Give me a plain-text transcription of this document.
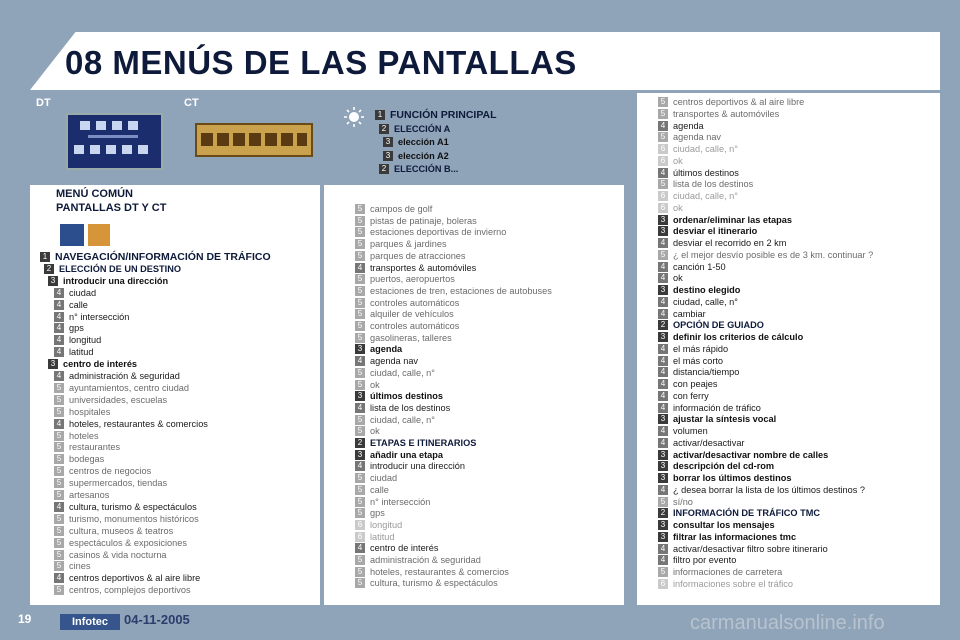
08 MENÚS DE LAS PANTALLAS
DT	CT
1 FUNCIÓN PRINCIPAL
2 ELECCIÓN A
3 elección A1
3 elección A2
2 ELECCIÓN B...
MENÚ COMÚN
PANTALLAS DT Y CT
1 NAVEGACIÓN/INFORMACIÓN DE TRÁFICO
2 ELECCIÓN DE UN DESTINO
3 introducir una dirección
4 ciudad
4 calle
4 n° intersección
4 gps
4 longitud
4 latitud
3 centro de interés
4 administración & seguridad
5 ayuntamientos, centro ciudad
5 universidades, escuelas
5 hospitales
4 hoteles, restaurantes & comercios
5 hoteles
5 restaurantes
5 bodegas
5 centros de negocios
5 supermercados, tiendas
5 artesanos
4 cultura, turismo & espectáculos
5 turismo, monumentos históricos
5 cultura, museos & teatros
5 espectáculos & exposiciones
5 casinos & vida nocturna
5 cines
4 centros deportivos & al aire libre
5 centros, complejos deportivos
5 campos de golf
5 pistas de patinaje, boleras
5 estaciones deportivas de invierno
5 parques & jardines
5 parques de atracciones
4 transportes & automóviles
5 puertos, aeropuertos
5 estaciones de tren, estaciones de autobuses
5 controles automáticos
5 alquiler de vehículos
5 controles automáticos
5 gasolineras, talleres
3 agenda
4 agenda nav
5 ciudad, calle, n°
5 ok
3 últimos destinos
4 lista de los destinos
5 ciudad, calle, n°
5 ok
2 ETAPAS E ITINERARIOS
3 añadir una etapa
4 introducir una dirección
5 ciudad
5 calle
5 n° intersección
5 gps
6 longitud
6 latitud
4 centro de interés
5 administración & seguridad
5 hoteles, restaurantes & comercios
5 cultura, turismo & espectáculos
5 centros deportivos & al aire libre
5 transportes & automóviles
4 agenda
5 agenda nav
6 ciudad, calle, n°
6 ok
4 últimos destinos
5 lista de los destinos
6 ciudad, calle, n°
6 ok
3 ordenar/eliminar las etapas
3 desviar el itinerario
4 desviar el recorrido en 2 km
5 ¿ el mejor desvío posible es de 3 km. continuar ?
4 canción 1-50
4 ok
3 destino elegido
4 ciudad, calle, n°
4 cambiar
2 OPCIÓN DE GUIADO
3 definir los criterios de cálculo
4 el más rápido
4 el más corto
4 distancia/tiempo
4 con peajes
4 con ferry
4 información de tráfico
3 ajustar la síntesis vocal
4 volumen
4 activar/desactivar
3 activar/desactivar nombre de calles
3 descripción del cd-rom
3 borrar los últimos destinos
4 ¿ desea borrar la lista de los últimos destinos ?
5 sí/no
2 INFORMACIÓN DE TRÁFICO TMC
3 consultar los mensajes
3 filtrar las informaciones tmc
4 activar/desactivar filtro sobre itinerario
4 filtro por evento
5 informaciones de carretera
6 informaciones sobre el tráfico
19	Infotec	04-11-2005	carmanualsonline.info
